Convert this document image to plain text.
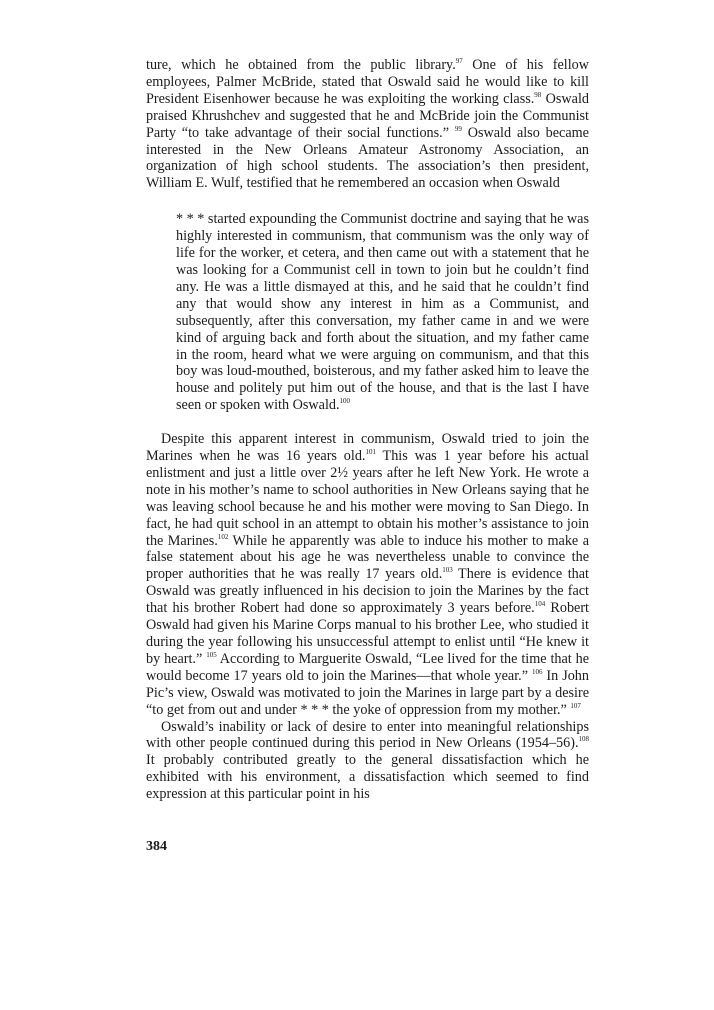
ture, which he obtained from the public library.$^{97}$ One of his fellow employees, Palmer McBride, stated that Oswald said he would like to kill President Eisenhower because he was exploiting the working class.$^{98}$ Oswald praised Khrushchev and suggested that he and McBride join the Communist Party “to take advantage of their social functions.” $^{99}$ Oswald also became interested in the New Orleans Amateur Astronomy Association, an organization of high school students. The association’s then president, William E. Wulf, testified that he remembered an occasion when Oswald

* * * started expounding the Communist doctrine and saying that he was highly interested in communism, that communism was the only way of life for the worker, et cetera, and then came out with a statement that he was looking for a Communist cell in town to join but he couldn’t find any. He was a little dismayed at this, and he said that he couldn’t find any that would show any interest in him as a Communist, and subsequently, after this conversation, my father came in and we were kind of arguing back and forth about the situation, and my father came in the room, heard what we were arguing on communism, and that this boy was loud-mouthed, boisterous, and my father asked him to leave the house and politely put him out of the house, and that is the last I have seen or spoken with Oswald.$^{100}$

Despite this apparent interest in communism, Oswald tried to join the Marines when he was 16 years old.$^{101}$ This was 1 year before his actual enlistment and just a little over 2½ years after he left New York. He wrote a note in his mother’s name to school authorities in New Orleans saying that he was leaving school because he and his mother were moving to San Diego. In fact, he had quit school in an attempt to obtain his mother’s assistance to join the Marines.$^{102}$ While he apparently was able to induce his mother to make a false statement about his age he was nevertheless unable to convince the proper authorities that he was really 17 years old.$^{103}$ There is evidence that Oswald was greatly influenced in his decision to join the Marines by the fact that his brother Robert had done so approximately 3 years before.$^{104}$ Robert Oswald had given his Marine Corps manual to his brother Lee, who studied it during the year following his unsuccessful attempt to enlist until “He knew it by heart.” $^{105}$ According to Marguerite Oswald, “Lee lived for the time that he would become 17 years old to join the Marines—that whole year.” $^{106}$ In John Pic’s view, Oswald was motivated to join the Marines in large part by a desire “to get from out and under * * * the yoke of oppression from my mother.” $^{107}$

Oswald’s inability or lack of desire to enter into meaningful relationships with other people continued during this period in New Orleans (1954–56).$^{108}$ It probably contributed greatly to the general dissatisfaction which he exhibited with his environment, a dissatisfaction which seemed to find expression at this particular point in his

384
